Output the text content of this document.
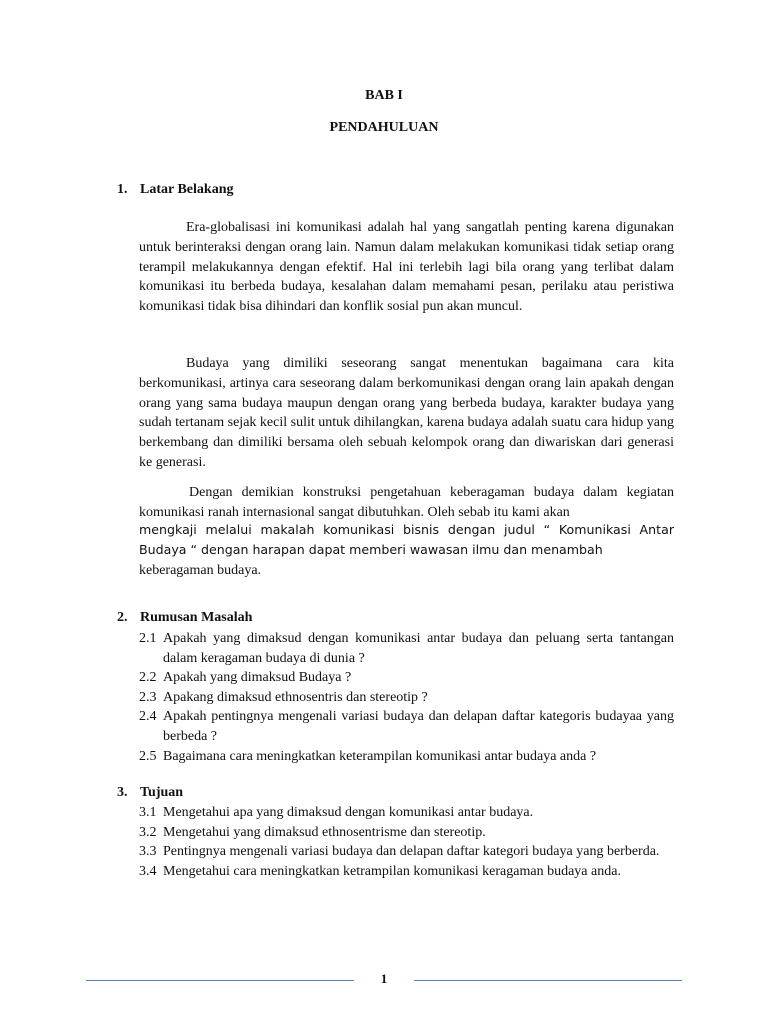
BAB I
PENDAHULUAN
1. Latar Belakang
Era-globalisasi ini komunikasi adalah hal yang sangatlah penting karena digunakan untuk berinteraksi dengan orang lain. Namun dalam melakukan komunikasi tidak setiap orang terampil melakukannya dengan efektif. Hal ini terlebih lagi bila orang yang terlibat dalam komunikasi itu berbeda budaya, kesalahan dalam memahami pesan, perilaku atau peristiwa komunikasi tidak bisa dihindari dan konflik sosial pun akan muncul.
Budaya yang dimiliki seseorang sangat menentukan bagaimana cara kita berkomunikasi, artinya cara seseorang dalam berkomunikasi dengan orang lain apakah dengan orang yang sama budaya maupun dengan orang yang berbeda budaya, karakter budaya yang sudah tertanam sejak kecil sulit untuk dihilangkan, karena budaya adalah suatu cara hidup yang berkembang dan dimiliki bersama oleh sebuah kelompok orang dan diwariskan dari generasi ke generasi.
Dengan demikian konstruksi pengetahuan keberagaman budaya dalam kegiatan komunikasi ranah internasional sangat dibutuhkan. Oleh sebab itu kami akan
mengkaji melalui makalah komunikasi bisnis dengan judul “ Komunikasi Antar Budaya “ dengan harapan dapat memberi wawasan ilmu dan menambah
keberagaman budaya.
2. Rumusan Masalah
2.1 Apakah yang dimaksud dengan komunikasi antar budaya dan peluang serta tantangan dalam keragaman budaya di dunia ?
2.2 Apakah yang dimaksud Budaya ?
2.3 Apakang dimaksud ethnosentris dan stereotip ?
2.4 Apakah pentingnya mengenali variasi budaya dan delapan daftar kategoris budayaa yang berbeda ?
2.5 Bagaimana cara meningkatkan keterampilan komunikasi antar budaya anda ?
3. Tujuan
3.1 Mengetahui apa yang dimaksud dengan komunikasi antar budaya.
3.2 Mengetahui yang dimaksud ethnosentrisme dan stereotip.
3.3 Pentingnya mengenali variasi budaya dan delapan daftar kategori budaya yang berberda.
3.4 Mengetahui cara meningkatkan ketrampilan komunikasi keragaman budaya anda.
1
